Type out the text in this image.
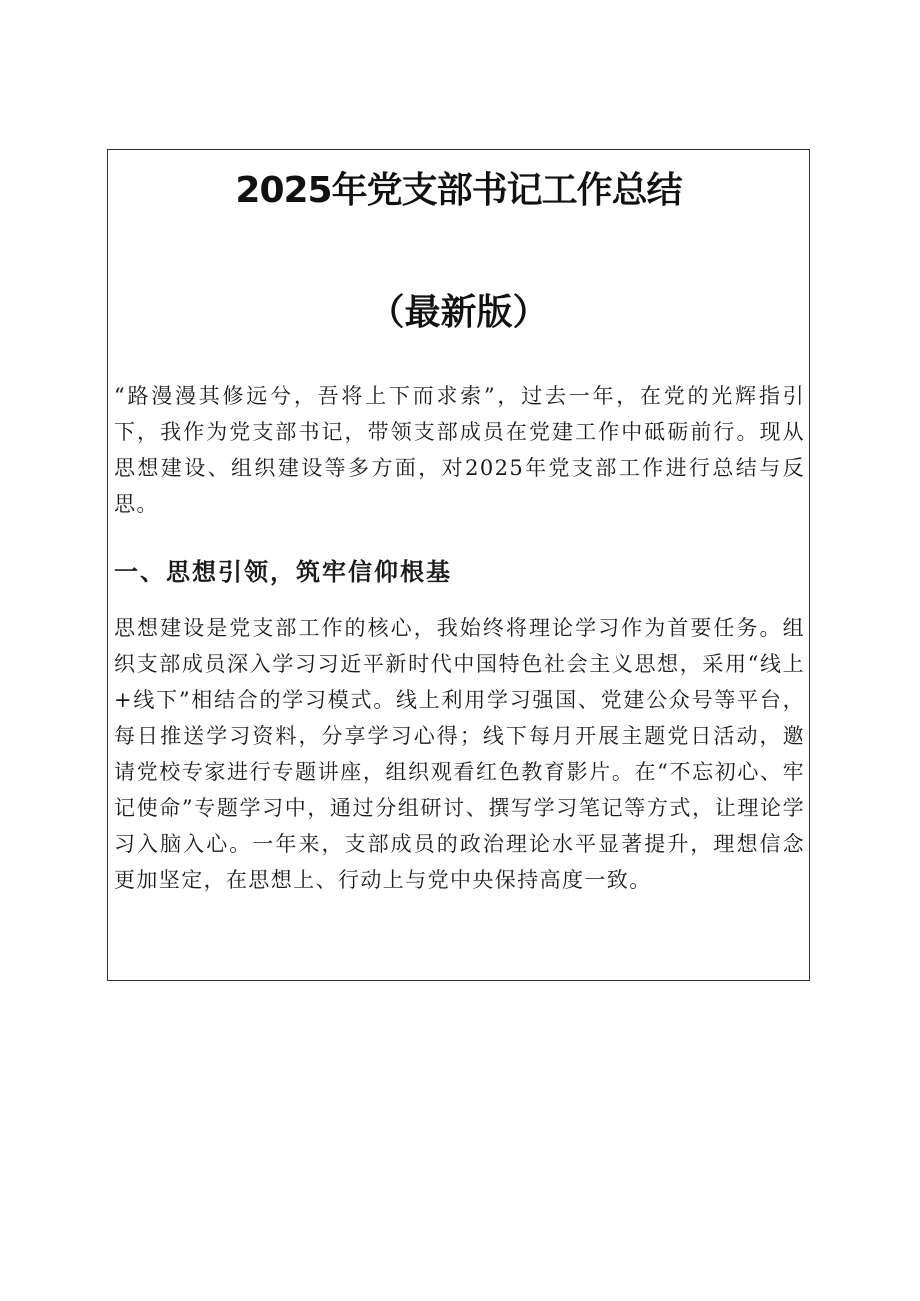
2025年党支部书记工作总结
（最新版）

“路漫漫其修远兮，吾将上下而求索”，过去一年，在党的光辉指引下，我作为党支部书记，带领支部成员在党建工作中砥砺前行。现从思想建设、组织建设等多方面，对2025年党支部工作进行总结与反思。

一、思想引领，筑牢信仰根基

思想建设是党支部工作的核心，我始终将理论学习作为首要任务。组织支部成员深入学习习近平新时代中国特色社会主义思想，采用“线上+线下”相结合的学习模式。线上利用学习强国、党建公众号等平台，每日推送学习资料，分享学习心得；线下每月开展主题党日活动，邀请党校专家进行专题讲座，组织观看红色教育影片。在“不忘初心、牢记使命”专题学习中，通过分组研讨、撰写学习笔记等方式，让理论学习入脑入心。一年来，支部成员的政治理论水平显著提升，理想信念更加坚定，在思想上、行动上与党中央保持高度一致。
